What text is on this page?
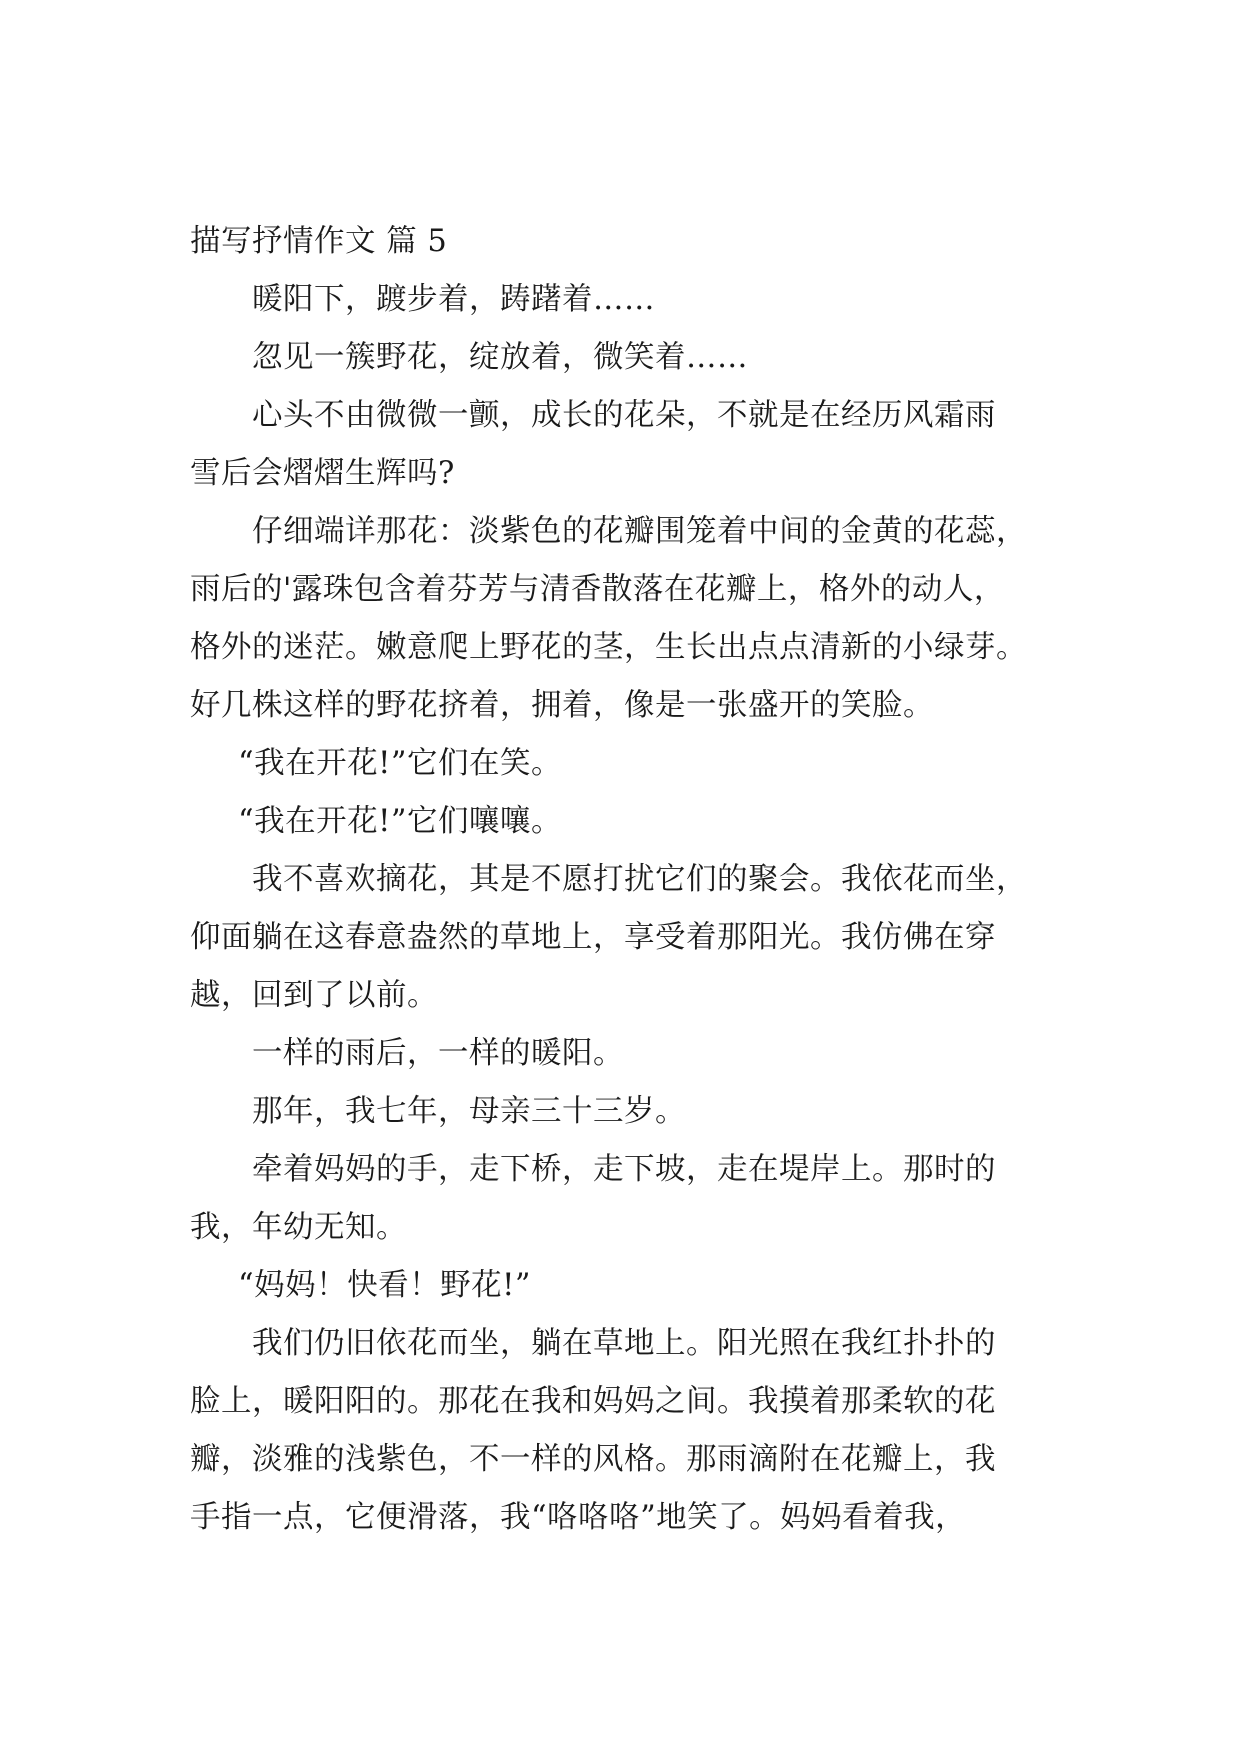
描写抒情作文 篇 5
暖阳下，踱步着，踌躇着……
忽见一簇野花，绽放着，微笑着……
心头不由微微一颤，成长的花朵，不就是在经历风霜雨
雪后会熠熠生辉吗?
仔细端详那花：淡紫色的花瓣围笼着中间的金黄的花蕊，
雨后的'露珠包含着芬芳与清香散落在花瓣上，格外的动人，
格外的迷茫。嫩意爬上野花的茎，生长出点点清新的小绿芽。
好几株这样的野花挤着，拥着，像是一张盛开的笑脸。
“我在开花!”它们在笑。
“我在开花!”它们嚷嚷。
我不喜欢摘花，其是不愿打扰它们的聚会。我依花而坐，
仰面躺在这春意盎然的草地上，享受着那阳光。我仿佛在穿
越，回到了以前。
一样的雨后，一样的暖阳。
那年，我七年，母亲三十三岁。
牵着妈妈的手，走下桥，走下坡，走在堤岸上。那时的
我，年幼无知。
“妈妈！快看！野花!”
我们仍旧依花而坐，躺在草地上。阳光照在我红扑扑的
脸上，暖阳阳的。那花在我和妈妈之间。我摸着那柔软的花
瓣，淡雅的浅紫色，不一样的风格。那雨滴附在花瓣上，我
手指一点，它便滑落，我“咯咯咯”地笑了。妈妈看着我，
